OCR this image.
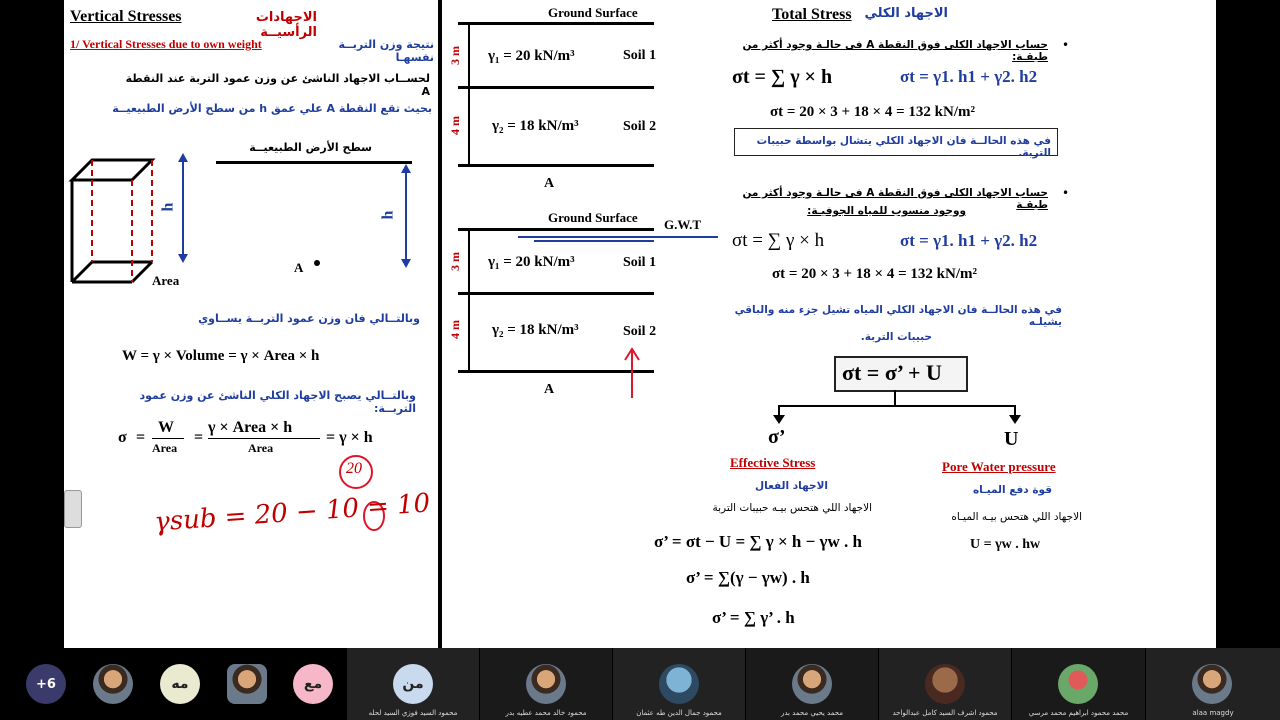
Vertical Stresses	الاجهادات الرأسيــة
1/ Vertical Stresses due to own weight	نتيجة وزن التربــة نفسهـا
لحســاب الاجهاد الناشئ عن وزن عمود التربة عند النقطة A
بحيث تقع النقطة A علي عمق h من سطح الأرض الطبيعيــة
Area
h
سطح الأرض الطبيعيــة
h
A
وبالتــالي فان وزن عمود التربــة يســاوي
W = γ × Volume = γ × Area × h
وبالتــالي يصبح الاجهاد الكلي الناشئ عن وزن عمود التربــة:
σ =
W
Area
=
γ × Area × h
Area
= γ × h
20
γsub = 20 − 10 = 10
Ground Surface
3 m
4 m
γ₁ = 20 kN/m³	Soil 1
γ₂ = 18 kN/m³	Soil 2
A
Ground Surface G.W.T
3 m
4 m
γ₁ = 20 kN/m³	Soil 1
γ₂ = 18 kN/m³	Soil 2
A
Total Stress الاجهاد الكلي
حساب الاجهاد الكلى فوق النقطة A فى حالـة وجود أكثر من طبقـة:
•
σt = ∑ γ × h	σt = γ1. h1 + γ2. h2
σt = 20 × 3 + 18 × 4 = 132 kN/m²
في هذه الحالــة فان الاجهاد الكلي يتشال بواسطة حبيبات التربة.
•
حساب الاجهاد الكلى فوق النقطة A فى حالـة وجود أكثر من طبقـة
ووجود منسوب للمياه الجوفيـة:
σt = ∑ γ × h	σt = γ1. h1 + γ2. h2
σt = 20 × 3 + 18 × 4 = 132 kN/m²
في هذه الحالــة فان الاجهاد الكلي المياه تشيل جزء منه والباقي يشيلـه
حبيبات التربة.
σt = σ’ + U
σ’
Effective Stress
الاجهاد الفعال
الاجهاد اللي هتحس بيـه حبيبات التربة
U
Pore Water pressure
قوة دفع الميـاه
الاجهاد اللي هتحس بيـه الميـاه
U = γw . hw
σ’ = σt − U = ∑ γ × h − γw . h
σ’ = ∑(γ − γw) . h
σ’ = ∑ γ’ . h
+6	مه	مع	من
محمود السيد فوزي السيد لحله	محمود خالد محمد عطيه بدر	محمود جمال الدين طه عثمان	محمد يحيي محمد بدر	محمود اشرف السيد كامل عبدالواحد	محمد محمود ابراهيم محمد مرسي	alaa magdy
